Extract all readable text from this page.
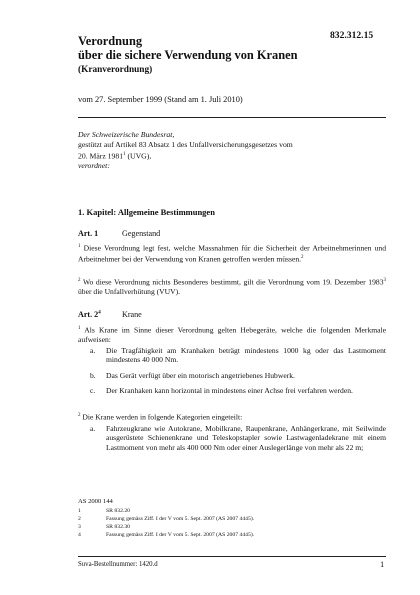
832.312.15
Verordnung
über die sichere Verwendung von Kranen
(Kranverordnung)
vom 27. September 1999 (Stand am 1. Juli 2010)
Der Schweizerische Bundesrat,
gestützt auf Artikel 83 Absatz 1 des Unfallversicherungsgesetzes vom
20. März 1981$^1$ (UVG),
verordnet:
1. Kapitel: Allgemeine Bestimmungen
Art. 1	Gegenstand
$^1$ Diese Verordnung legt fest, welche Massnahmen für die Sicherheit der Arbeitnehmerinnen und Arbeitnehmer bei der Verwendung von Kranen getroffen werden müssen.$^2$
$^2$ Wo diese Verordnung nichts Besonderes bestimmt, gilt die Verordnung vom 19. Dezember 1983$^3$ über die Unfallverhütung (VUV).
Art. $2^4$	Krane
$^1$ Als Krane im Sinne dieser Verordnung gelten Hebegeräte, welche die folgenden Merkmale aufweisen:
a. Die Tragfähigkeit am Kranhaken beträgt mindestens 1000 kg oder das Lastmoment mindestens 40 000 Nm.
b. Das Gerät verfügt über ein motorisch angetriebenes Hubwerk.
c. Der Kranhaken kann horizontal in mindestens einer Achse frei verfahren werden.
$^2$ Die Krane werden in folgende Kategorien eingeteilt:
a. Fahrzeugkrane wie Autokrane, Mobilkrane, Raupenkrane, Anhängerkrane, mit Seilwinde ausgerüstete Schienenkrane und Teleskopstapler sowie Lastwagenladekrane mit einem Lastmoment von mehr als 400 000 Nm oder einer Auslegerlänge von mehr als 22 m;
AS 2000 144
1	SR 832.20
2	Fassung gemäss Ziff. I der V vom 5. Sept. 2007 (AS 2007 4445).
3	SR 832.30
4	Fassung gemäss Ziff. I der V vom 5. Sept. 2007 (AS 2007 4445).
Suva-Bestellnummer: 1420.d	1
